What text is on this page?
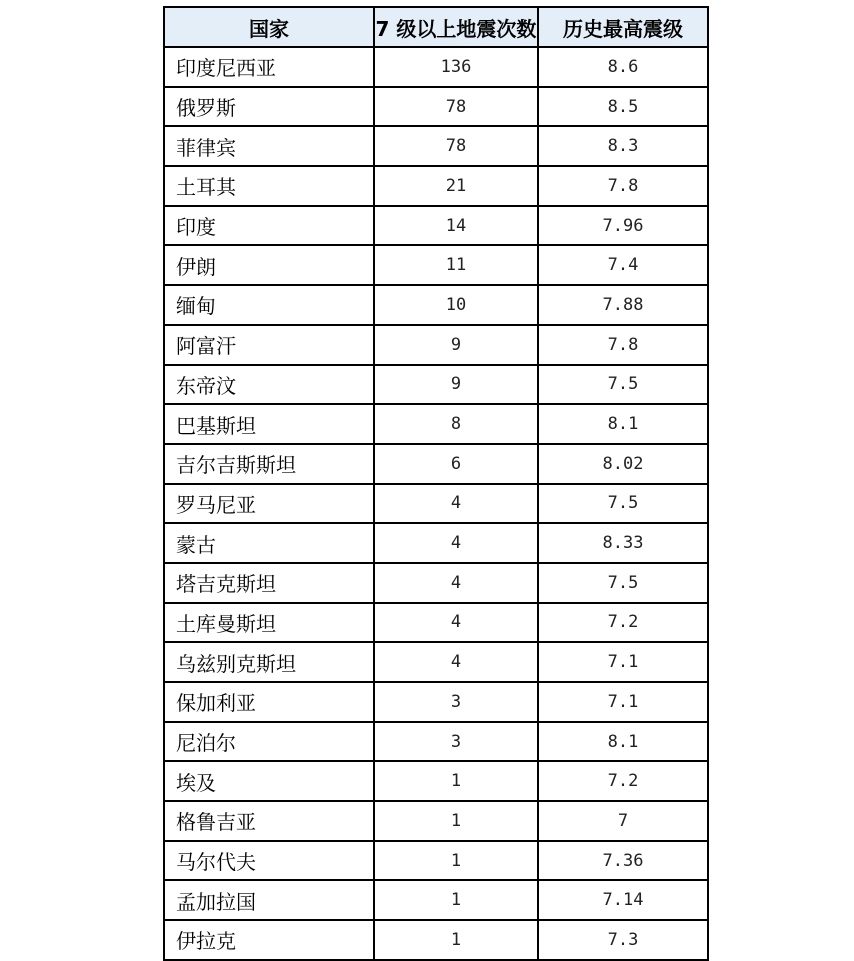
国家	7 级以上地震次数	历史最高震级
印度尼西亚	136	8.6
俄罗斯	78	8.5
菲律宾	78	8.3
土耳其	21	7.8
印度	14	7.96
伊朗	11	7.4
缅甸	10	7.88
阿富汗	9	7.8
东帝汶	9	7.5
巴基斯坦	8	8.1
吉尔吉斯斯坦	6	8.02
罗马尼亚	4	7.5
蒙古	4	8.33
塔吉克斯坦	4	7.5
土库曼斯坦	4	7.2
乌兹别克斯坦	4	7.1
保加利亚	3	7.1
尼泊尔	3	8.1
埃及	1	7.2
格鲁吉亚	1	7
马尔代夫	1	7.36
孟加拉国	1	7.14
伊拉克	1	7.3
